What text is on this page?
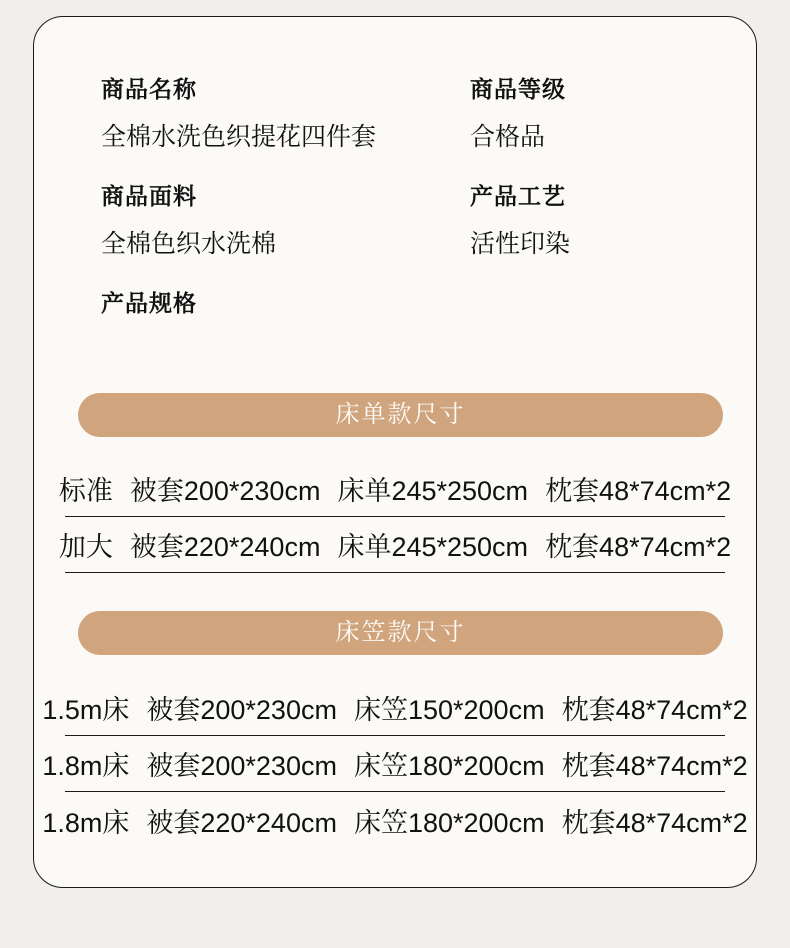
商品名称
全棉水洗色织提花四件套
商品等级
合格品
商品面料
全棉色织水洗棉
产品工艺
活性印染
产品规格
床单款尺寸
标准 被套200*230cm 床单245*250cm 枕套48*74cm*2
加大 被套220*240cm 床单245*250cm 枕套48*74cm*2
床笠款尺寸
1.5m床 被套200*230cm 床笠150*200cm 枕套48*74cm*2
1.8m床 被套200*230cm 床笠180*200cm 枕套48*74cm*2
1.8m床 被套220*240cm 床笠180*200cm 枕套48*74cm*2
